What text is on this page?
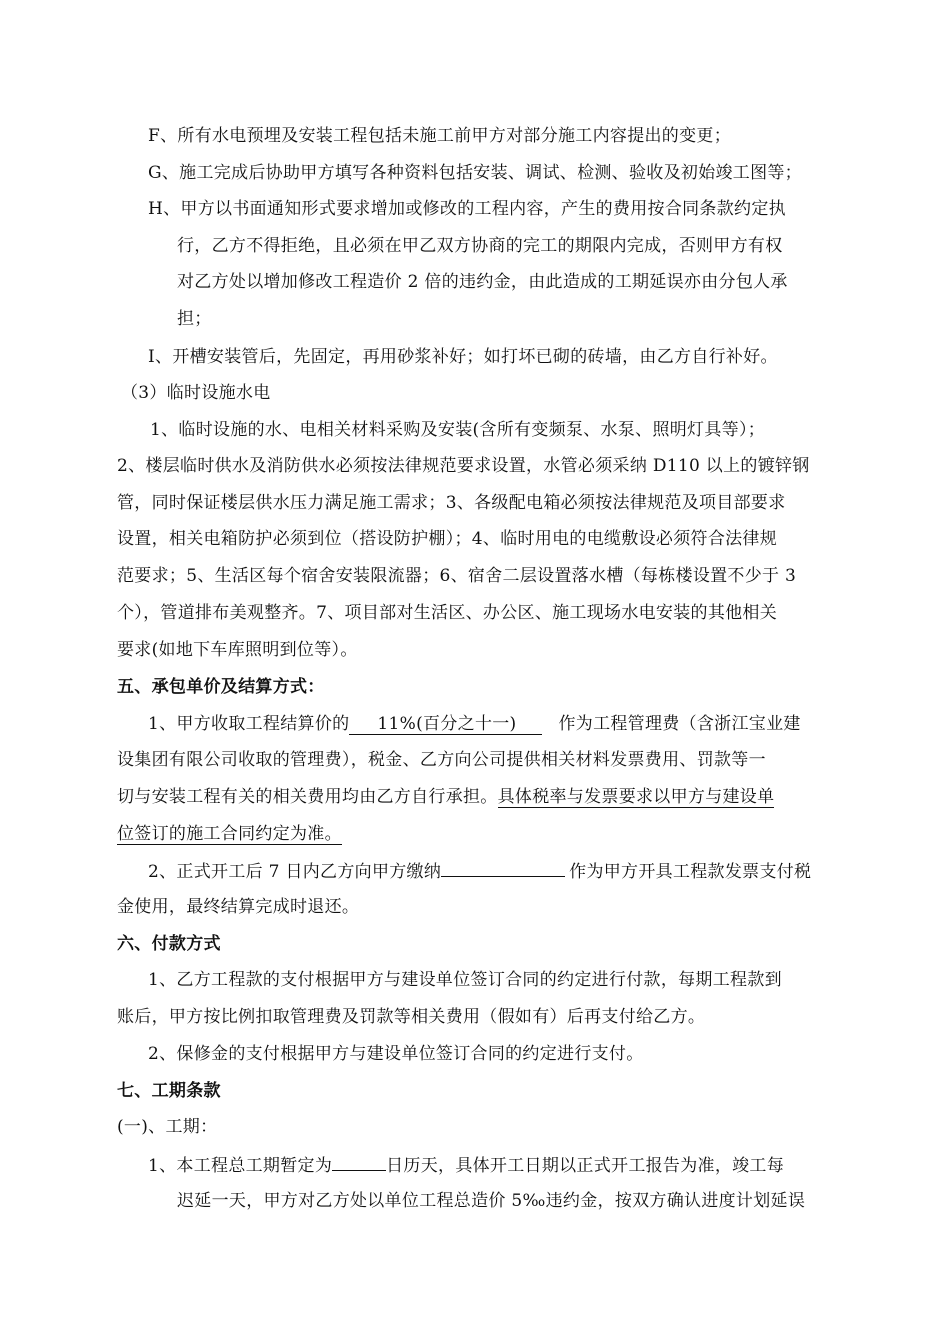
F、所有水电预埋及安装工程包括未施工前甲方对部分施工内容提出的变更；
G、施工完成后协助甲方填写各种资料包括安装、调试、检测、验收及初始竣工图等；
H、甲方以书面通知形式要求增加或修改的工程内容，产生的费用按合同条款约定执
行，乙方不得拒绝，且必须在甲乙双方协商的完工的期限内完成，否则甲方有权
对乙方处以增加修改工程造价 2 倍的违约金，由此造成的工期延误亦由分包人承
担；
I、开槽安装管后，先固定，再用砂浆补好；如打坏已砌的砖墙，由乙方自行补好。
（3）临时设施水电
1、临时设施的水、电相关材料采购及安装(含所有变频泵、水泵、照明灯具等）；
2、楼层临时供水及消防供水必须按法律规范要求设置，水管必须采纳 D110 以上的镀锌钢
管，同时保证楼层供水压力满足施工需求；3、各级配电箱必须按法律规范及项目部要求
设置，相关电箱防护必须到位（搭设防护棚）；4、临时用电的电缆敷设必须符合法律规
范要求；5、生活区每个宿舍安装限流器；6、宿舍二层设置落水槽（每栋楼设置不少于 3
个），管道排布美观整齐。7、项目部对生活区、办公区、施工现场水电安装的其他相关
要求(如地下车库照明到位等）。
五、承包单价及结算方式：
1、甲方收取工程结算价的 11%(百分之十一) 作为工程管理费（含浙江宝业建
设集团有限公司收取的管理费），税金、乙方向公司提供相关材料发票费用、罚款等一
切与安装工程有关的相关费用均由乙方自行承担。具体税率与发票要求以甲方与建设单
位签订的施工合同约定为准。
2、正式开工后 7 日内乙方向甲方缴纳	作为甲方开具工程款发票支付税
金使用，最终结算完成时退还。
六、付款方式
1、乙方工程款的支付根据甲方与建设单位签订合同的约定进行付款，每期工程款到
账后，甲方按比例扣取管理费及罚款等相关费用（假如有）后再支付给乙方。
2、保修金的支付根据甲方与建设单位签订合同的约定进行支付。
七、工期条款
(一)、工期：
1、本工程总工期暂定为	日历天，具体开工日期以正式开工报告为准，竣工每
迟延一天，甲方对乙方处以单位工程总造价 5‰违约金，按双方确认进度计划延误
